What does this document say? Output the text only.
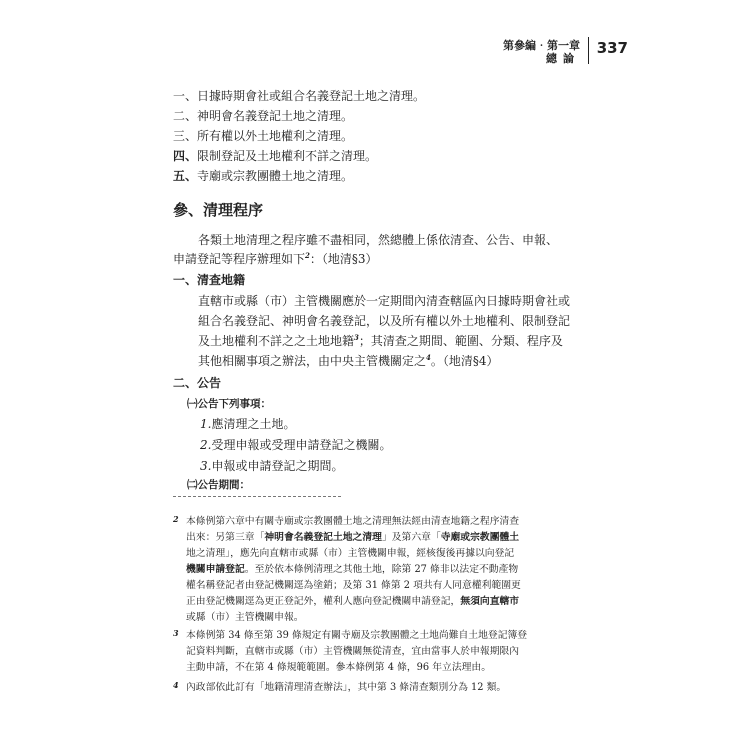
第參編‧第一章
總論
337
一、日據時期會社或組合名義登記土地之清理。
二、神明會名義登記土地之清理。
三、所有權以外土地權利之清理。
四、限制登記及土地權利不詳之清理。
五、寺廟或宗教團體土地之清理。
參、清理程序
各類土地清理之程序雖不盡相同，然總體上係依清查、公告、申報、
申請登記等程序辦理如下$^2$：（地清§3）
一、清查地籍
直轄市或縣（市）主管機關應於一定期間內清查轄區內日據時期會社或
組合名義登記、神明會名義登記，以及所有權以外土地權利、限制登記
及土地權利不詳之之土地地籍$^3$；其清查之期間、範圍、分類、程序及
其他相關事項之辦法，由中央主管機關定之$^4$。（地清§4）
二、公告
㈠公告下列事項：
1.應清理之土地。
2.受理申報或受理申請登記之機關。
3.申報或申請登記之期間。
㈡公告期間：
2 本條例第六章中有關寺廟或宗教團體土地之清理無法經由清查地籍之程序清查
出來：另第三章「神明會名義登記土地之清理」及第六章「寺廟或宗教團體土
地之清理」，應先向直轄市或縣（市）主管機關申報，經核復後再據以向登記
機關申請登記。至於依本條例清理之其他土地，除第 27 條非以法定不動產物
權名稱登記者由登記機關逕為塗銷；及第 31 條第 2 項共有人同意權利範圍更
正由登記機關逕為更正登記外，權利人應向登記機關申請登記，無須向直轄市
或縣（市）主管機關申報。
3 本條例第 34 條至第 39 條規定有關寺廟及宗教團體之土地尚難自土地登記簿登
記資料判斷，直轄市或縣（市）主管機關無從清查，宜由當事人於申報期限內
主動申請，不在第 4 條規範範圍。參本條例第 4 條，96 年立法理由。
4 內政部依此訂有「地籍清理清查辦法」，其中第 3 條清查類別分為 12 類。
